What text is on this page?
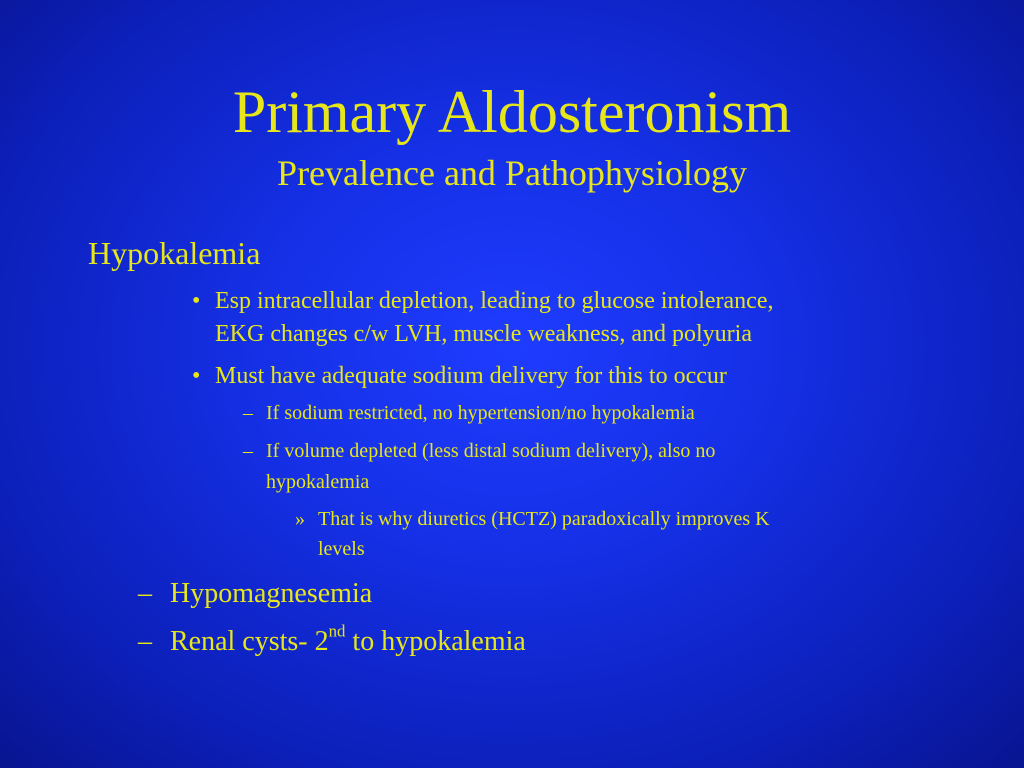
Primary Aldosteronism
Prevalence and Pathophysiology
Hypokalemia
• Esp intracellular depletion, leading to glucose intolerance,
EKG changes c/w LVH, muscle weakness, and polyuria
• Must have adequate sodium delivery for this to occur
– If sodium restricted, no hypertension/no hypokalemia
– If volume depleted (less distal sodium delivery), also no
hypokalemia
» That is why diuretics (HCTZ) paradoxically improves K
levels
– Hypomagnesemia
– Renal cysts- 2nd to hypokalemia
